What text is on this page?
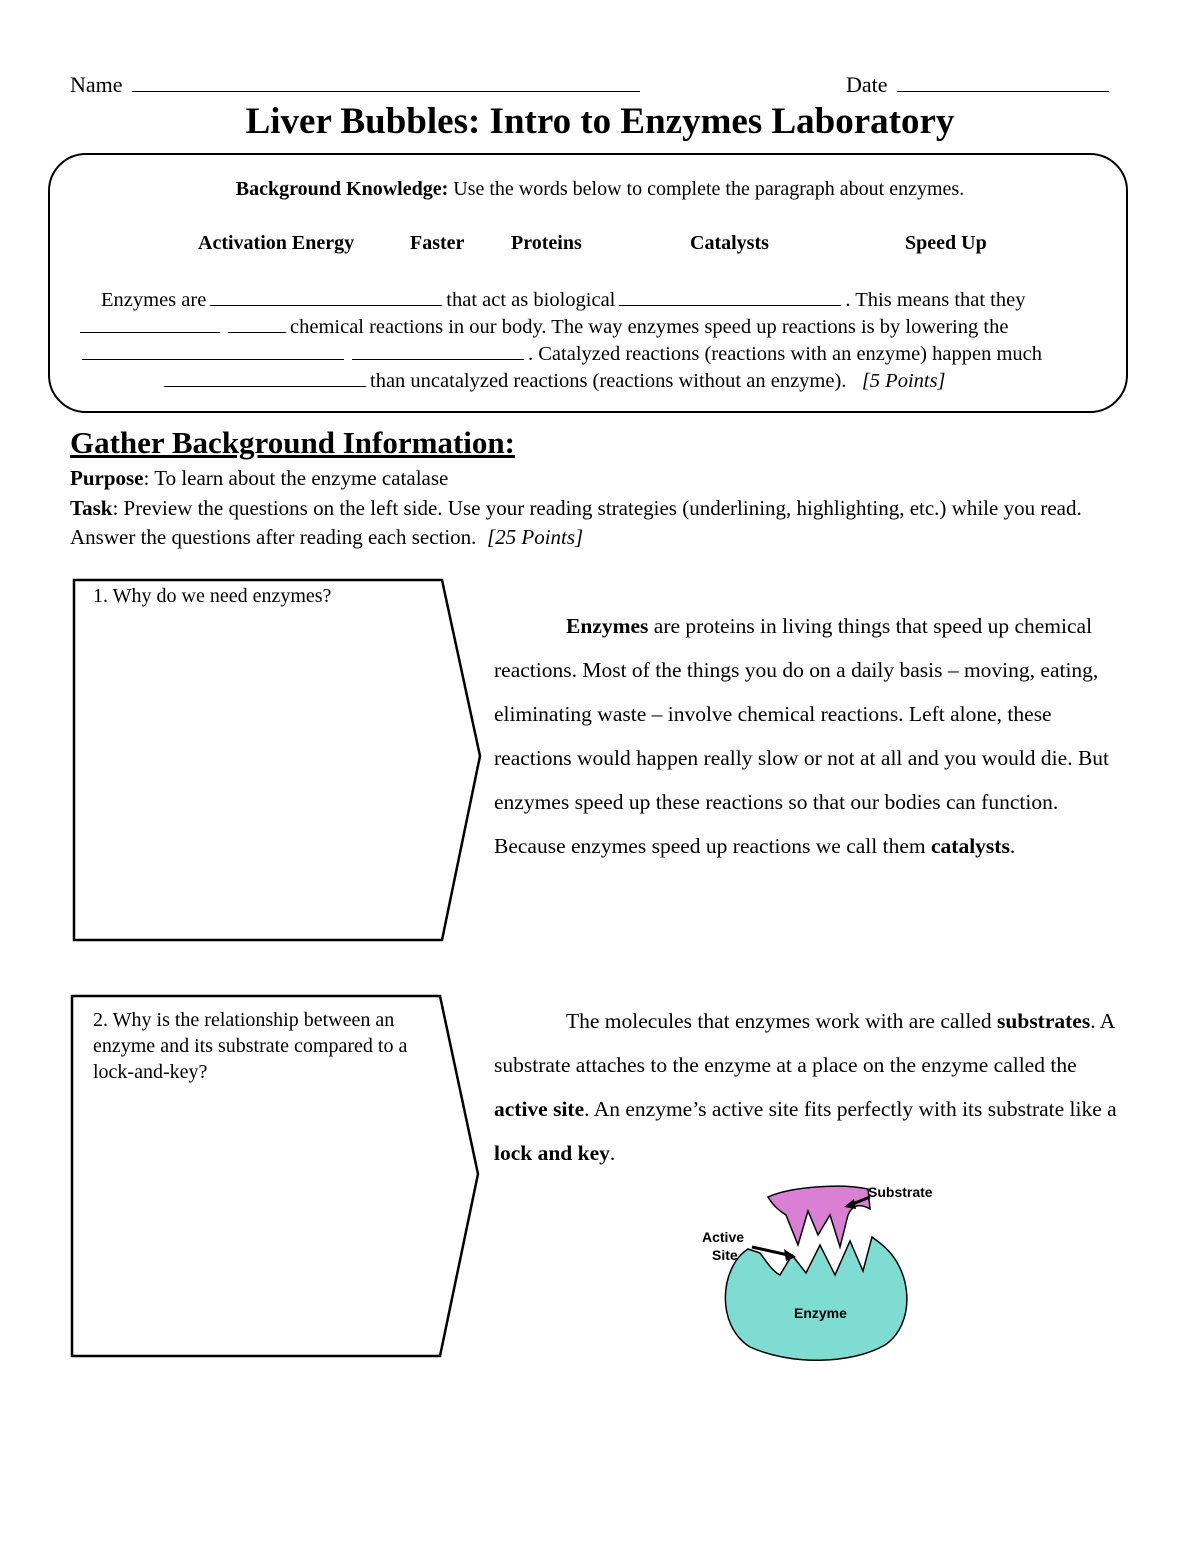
Name	Date
Liver Bubbles: Intro to Enzymes Laboratory
Background Knowledge: Use the words below to complete the paragraph about enzymes.
Activation Energy	Faster Proteins	Catalysts	Speed Up
Enzymes are	that act as biological	. This means that they
chemical reactions in our body. The way enzymes speed up reactions is by lowering the
. Catalyzed reactions (reactions with an enzyme) happen much
than uncatalyzed reactions (reactions without an enzyme). [5 Points]
Gather Background Information:
Purpose: To learn about the enzyme catalase
Task: Preview the questions on the left side. Use your reading strategies (underlining, highlighting, etc.) while you read. Answer the questions after reading each section. [25 Points]
1. Why do we need enzymes?
Enzymes are proteins in living things that speed up chemical reactions. Most of the things you do on a daily basis – moving, eating, eliminating waste – involve chemical reactions. Left alone, these reactions would happen really slow or not at all and you would die. But enzymes speed up these reactions so that our bodies can function. Because enzymes speed up reactions we call them catalysts.
2. Why is the relationship between an enzyme and its substrate compared to a lock-and-key?
The molecules that enzymes work with are called substrates. A substrate attaches to the enzyme at a place on the enzyme called the active site. An enzyme’s active site fits perfectly with its substrate like a lock and key.
Substrate
Active
Site
Enzyme
